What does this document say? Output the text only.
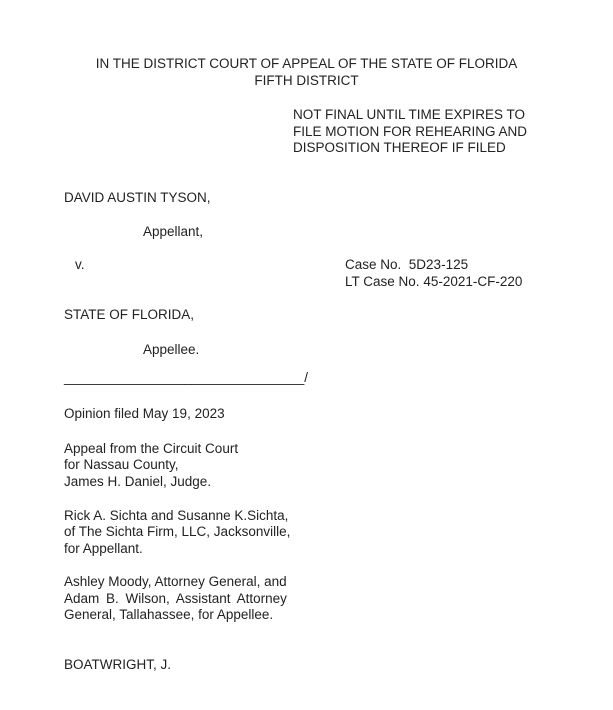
IN THE DISTRICT COURT OF APPEAL OF THE STATE OF FLORIDA
FIFTH DISTRICT
NOT FINAL UNTIL TIME EXPIRES TO
FILE MOTION FOR REHEARING AND
DISPOSITION THEREOF IF FILED
DAVID AUSTIN TYSON,
Appellant,
v.	Case No. 5D23-125
LT Case No. 45-2021-CF-220
STATE OF FLORIDA,
Appellee.
________________________________/
Opinion filed May 19, 2023
Appeal from the Circuit Court
for Nassau County,
James H. Daniel, Judge.
Rick A. Sichta and Susanne K.Sichta,
of The Sichta Firm, LLC, Jacksonville,
for Appellant.
Ashley Moody, Attorney General, and
Adam B. Wilson, Assistant Attorney
General, Tallahassee, for Appellee.
BOATWRIGHT, J.
